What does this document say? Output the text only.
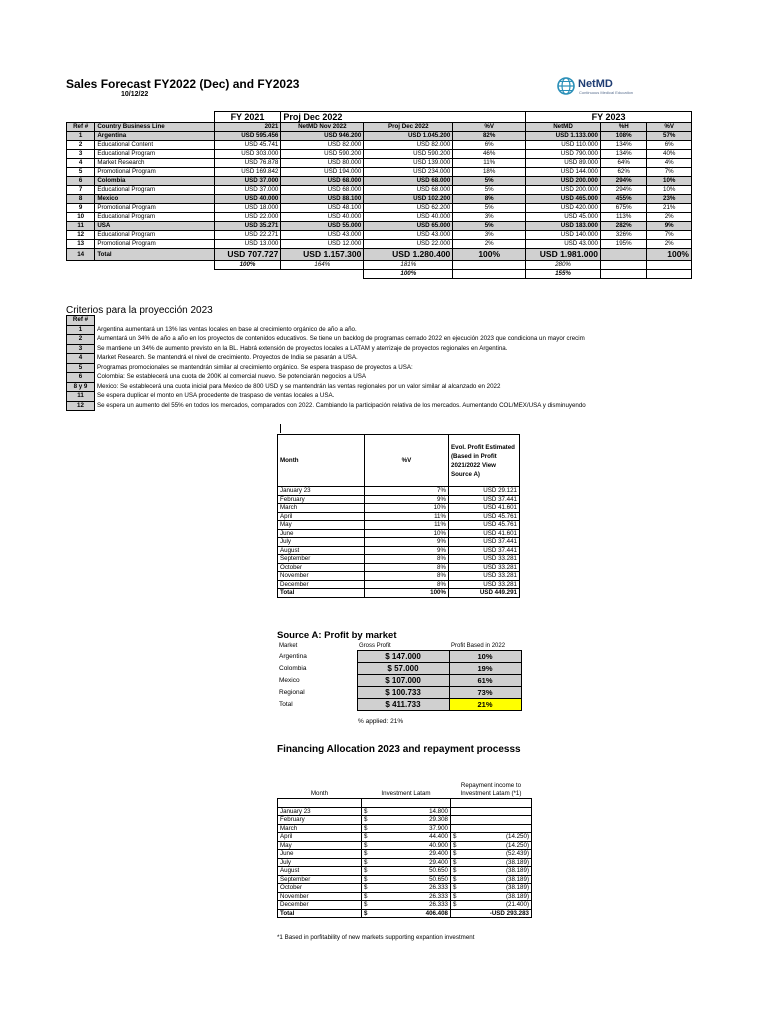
Sales Forecast FY2022 (Dec) and FY2023
10/12/22
NetMD
Continuous Medical Education
		FY 2021	Proj Dec 2022			FY 2023		
Ref #	Country Business Line	2021	NetMD Nov 2022	Proj Dec 2022	%V	NetMD	%H	%V
1	Argentina	USD 595.456	USD 946.200	USD 1.045.200	82%	USD 1.133.000	108%	57%
2	Educational Content	USD 45.741	USD 82.000	USD 82.000	6%	USD 110.000	134%	6%
3	Educational Program	USD 303.000	USD 590.200	USD 590.200	46%	USD 790.000	134%	40%
4	Market Research	USD 76.878	USD 80.000	USD 139.000	11%	USD 89.000	64%	4%
5	Promotional Program	USD 169.842	USD 194.000	USD 234.000	18%	USD 144.000	62%	7%
6	Colombia	USD 37.000	USD 68.000	USD 68.000	5%	USD 200.000	294%	10%
7	Educational Program	USD 37.000	USD 68.000	USD 68.000	5%	USD 200.000	294%	10%
8	Mexico	USD 40.000	USD 88.100	USD 102.200	8%	USD 465.000	455%	23%
9	Promotional Program	USD 18.000	USD 48.100	USD 62.200	5%	USD 420.000	675%	21%
10	Educational Program	USD 22.000	USD 40.000	USD 40.000	3%	USD 45.000	113%	2%
11	USA	USD 35.271	USD 55.000	USD 65.000	5%	USD 183.000	282%	9%
12	Educational Program	USD 22.271	USD 43.000	USD 43.000	3%	USD 140.000	326%	7%
13	Promotional Program	USD 13.000	USD 12.000	USD 22.000	2%	USD 43.000	195%	2%
14	Total	USD 707.727	USD 1.157.300	USD 1.280.400	100%	USD 1.981.000		100%
		100%	164%	181%		280%		
				100%		155%		
Criterios para la proyección 2023
Ref #	
1	Argentina aumentará un 13% las ventas locales en base al crecimiento orgánico de año a año.
2	Aumentará un 34% de año a año en los proyectos de contenidos educativos. Se tiene un backlog de programas cerrado 2022 en ejecución 2023 que condiciona un mayor crecim
3	Se mantiene un 34% de aumento previsto en la BL. Habrá extensión de proyectos locales a LATAM y aterrizaje de proyectos regionales en Argentina.
4	Market Research. Se mantendrá el nivel de crecimiento. Proyectos de India se pasarán a USA.
5	Programas promocionales se mantendrán similar al crecimiento orgánico. Se espera traspaso de proyectos a USA:
6	Colombia: Se establecerá una cuota de 200K al comercial nuevo. Se potenciarán negocios a USA
8 y 9	Mexico: Se establecerá una cuota inicial para Mexico de 800 USD y se mantendrán las ventas regionales por un valor similar al alcanzado en 2022
11	Se espera duplicar el monto en USA procedente de traspaso de ventas locales a USA.
12	Se espera un aumento del 55% en todos los mercados, comparados con 2022. Cambiando la participación relativa de los mercados. Aumentando COL/MEX/USA y disminuyendo
Month	%V	Evol. Profit Estimated (Based in Profit 2021/2022 View Source A)
January 23	7%	USD 29.121
February	9%	USD 37.441
March	10%	USD 41.601
April	11%	USD 45.761
May	11%	USD 45.761
June	10%	USD 41.601
July	9%	USD 37.441
August	9%	USD 37.441
September	8%	USD 33.281
October	8%	USD 33.281
November	8%	USD 33.281
December	8%	USD 33.281
Total	100%	USD 449.291
Source A: Profit by market
Market	Gross Profit	Profit Based in 2022
Argentina	$ 147.000	10%
Colombia	$ 57.000	19%
Mexico	$ 107.000	61%
Regional	$ 100.733	73%
Total	$ 411.733	21%
% applied: 21%
Financing Allocation 2023 and repayment processs
Month	Investment Latam		Repayment income to Investment Latam (*1)	

January 23	$	14.800		
February	$	29.308		
March	$	37.900		
April	$	44.400	$	(14.250)
May	$	40.900	$	(14.250)
June	$	29.400	$	(52.439)
July	$	29.400	$	(38.189)
August	$	50.650	$	(38.189)
September	$	50.650	$	(38.189)
October	$	26.333	$	(38.189)
November	$	26.333	$	(38.189)
December	$	26.333	$	(21.400)
Total	$	406.408	-USD 293.283	
*1 Based in porfitability of new markets supporting expantion investment
